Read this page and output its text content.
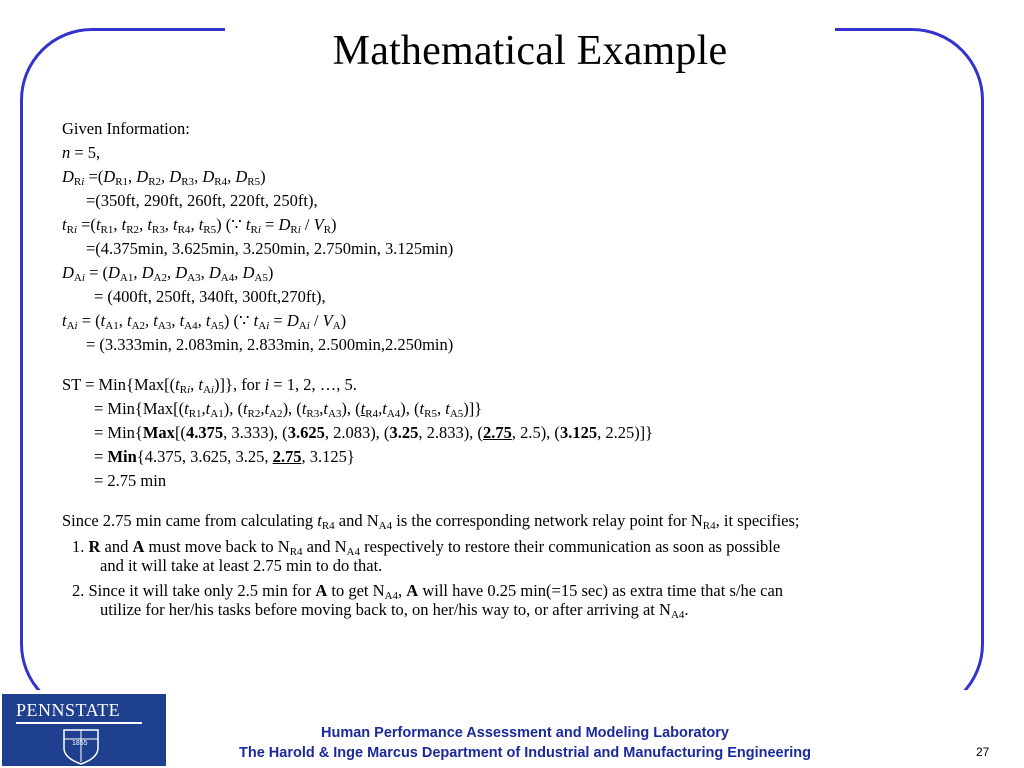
Mathematical Example
Given Information:
n = 5,
$D_{Ri} =(D_{R1}$, $D_{R2}$, $D_{R3}$, $D_{R4}$, $D_{R5}$)
=(350ft, 290ft, 260ft, 220ft, 250ft),
$t_{Ri} =(t_{R1}$, $t_{R2}$, $t_{R3}$, $t_{R4}$, $t_{R5}$) (∵ $t_{Ri} = D_{Ri} / V_R$)
=(4.375min, 3.625min, 3.250min, 2.750min, 3.125min)
$D_{Ai} = (D_{A1}$, $D_{A2}$, $D_{A3}$, $D_{A4}$, $D_{A5}$)
= (400ft, 250ft, 340ft, 300ft,270ft),
$t_{Ai} = (t_{A1}$, $t_{A2}$, $t_{A3}$, $t_{A4}$, $t_{A5}$) (∵ $t_{Ai} = D_{Ai} / V_A$)
= (3.333min, 2.083min, 2.833min, 2.500min,2.250min)
ST = $Min\{Max[(t_{Ri}$, $t_{Ai}$)]}, for i = 1, 2, …, 5.
= $Min\{Max[(t_{R1},t_{A1})$, $(t_{R2},t_{A2})$, $(t_{R3},t_{A3})$, $(t_{R4},t_{A4})$, ($t_{R5}$, $t_{A5}$)]}
= Min{Max[(4.375, 3.333), (3.625, 2.083), (3.25, 2.833), (2.75, 2.5), (3.125, 2.25)]}
= Min{4.375, 3.625, 3.25, 2.75, 3.125}
= 2.75 min
Since 2.75 min came from calculating $t_{R4}$ and $N_{A4}$ is the corresponding network relay point for $N_{R4}$, it specifies;
1. R and A must move back to $N_{R4}$ and $N_{A4}$ respectively to restore their communication as soon as possible
and it will take at least 2.75 min to do that.
2. Since it will take only 2.5 min for A to get $N_{A4}$, A will have 0.25 min(=15 sec) as extra time that s/he can
utilize for her/his tasks before moving back to, on her/his way to, or after arriving at $N_{A4}$.
PENNSTATE
1855
Human Performance Assessment and Modeling Laboratory
The Harold & Inge Marcus Department of Industrial and Manufacturing Engineering	27
